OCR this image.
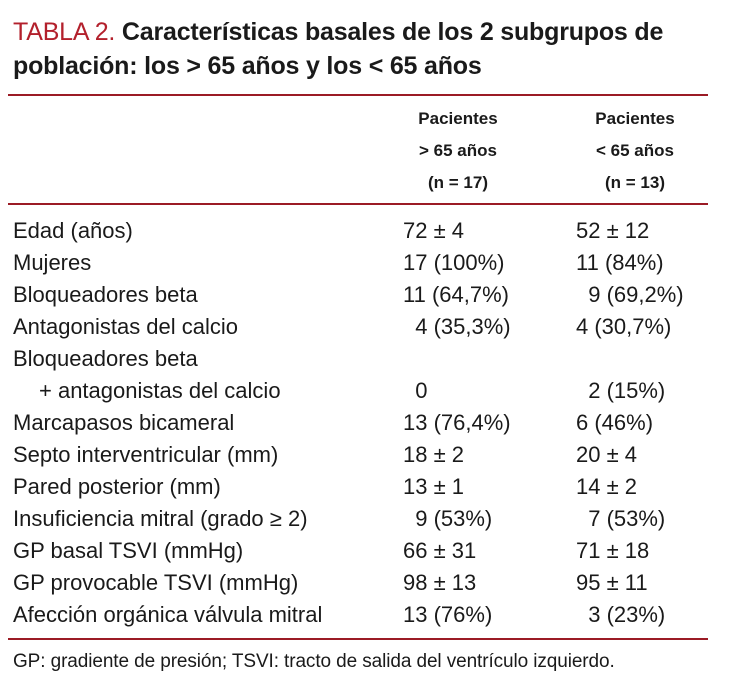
TABLA 2. Características basales de los 2 subgrupos de población: los > 65 años y los < 65 años
Pacientes
> 65 años
(n = 17)
Pacientes
< 65 años
(n = 13)
Edad (años)	72 ± 4	52 ± 12
Mujeres	17 (100%)	11 (84%)
Bloqueadores beta	11 (64,7%)	9 (69,2%)
Antagonistas del calcio	4 (35,3%)	4 (30,7%)
Bloqueadores beta
+ antagonistas del calcio	0	2 (15%)
Marcapasos bicameral	13 (76,4%)	6 (46%)
Septo interventricular (mm)	18 ± 2	20 ± 4
Pared posterior (mm)	13 ± 1	14 ± 2
Insuficiencia mitral (grado ≥ 2)	9 (53%)	7 (53%)
GP basal TSVI (mmHg)	66 ± 31	71 ± 18
GP provocable TSVI (mmHg)	98 ± 13	95 ± 11
Afección orgánica válvula mitral	13 (76%)	3 (23%)
GP: gradiente de presión; TSVI: tracto de salida del ventrículo izquierdo.
